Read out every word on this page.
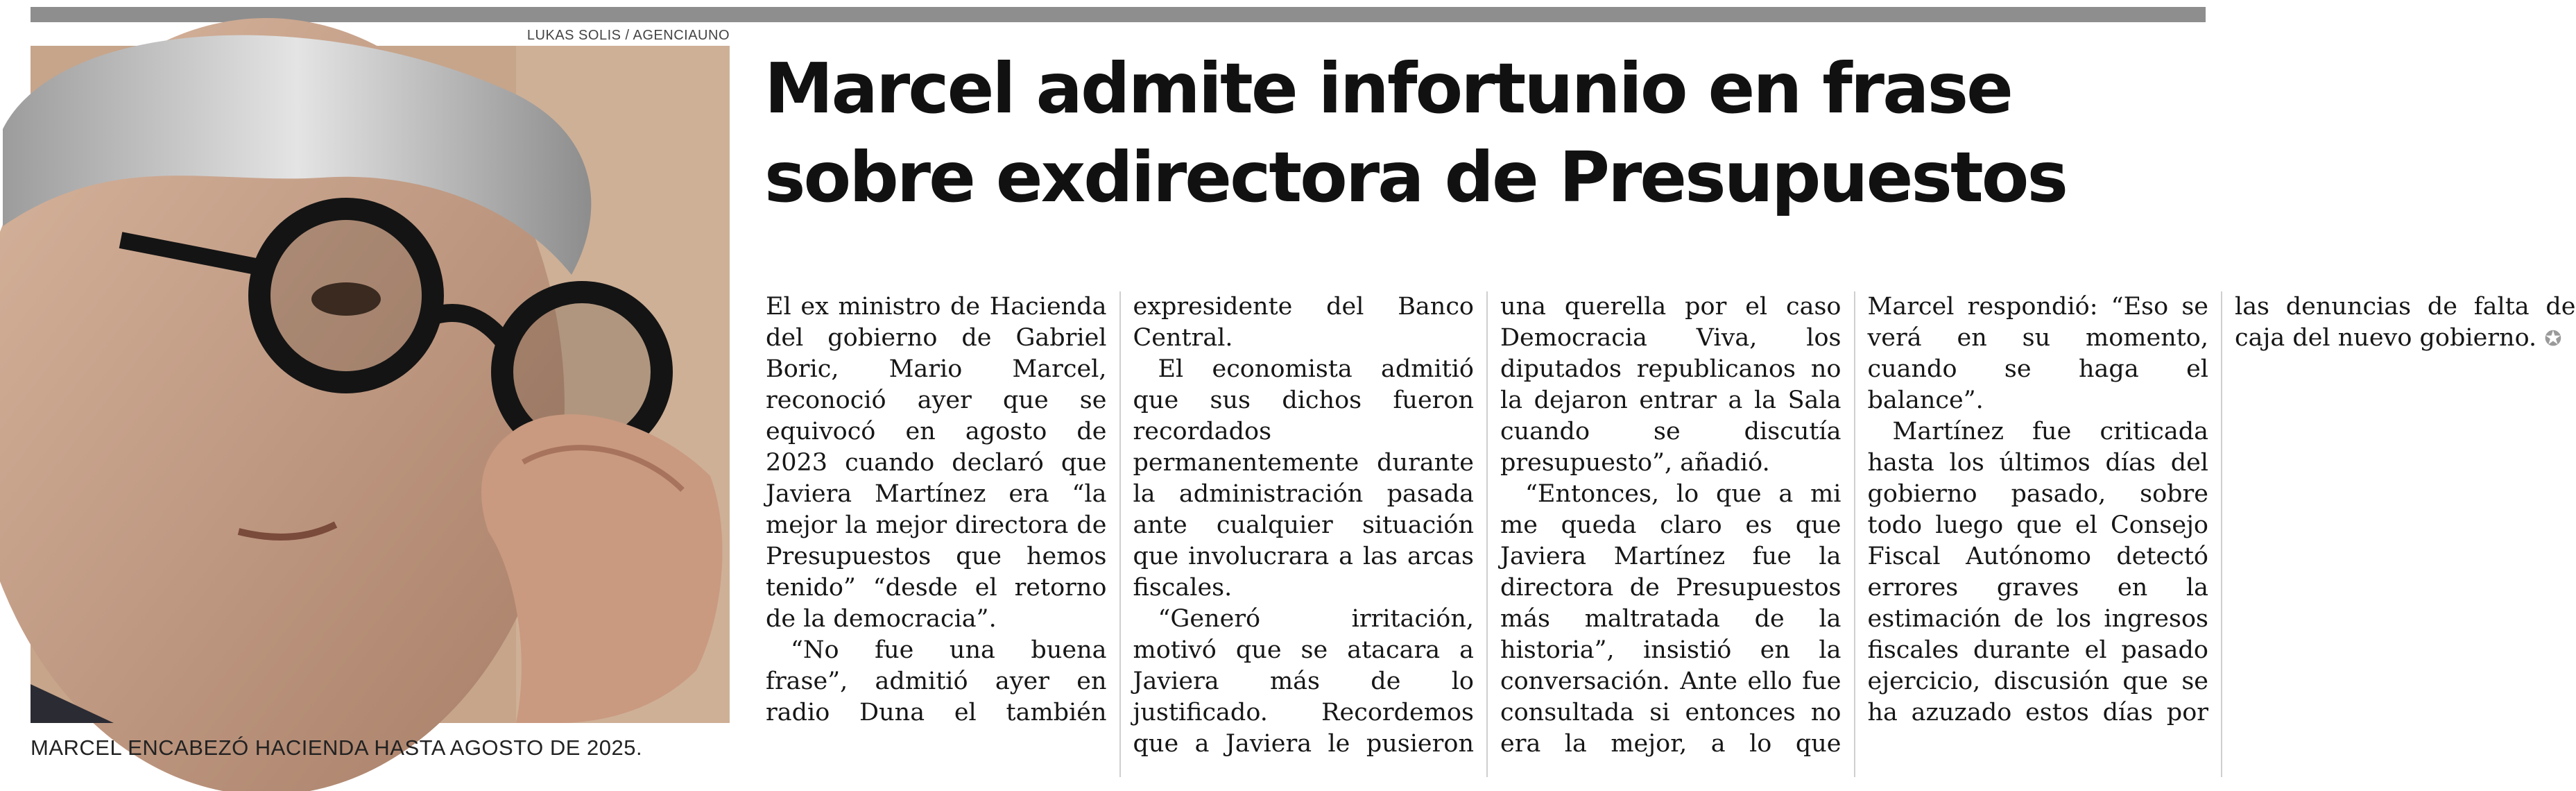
LUKAS SOLIS / AGENCIAUNO
MARCEL ENCABEZÓ HACIENDA HASTA AGOSTO DE 2025.
Marcel admite infortunio en frase sobre exdirectora de Presupuestos

El ex ministro de Hacienda del gobierno de Gabriel Boric, Mario Marcel, reconoció ayer que se equivocó en agosto de 2023 cuando declaró que Javiera Martínez era “la mejor la mejor directora de Presupuestos que hemos tenido” “desde el retorno de la democracia”.

“No fue una buena frase”, admitió ayer en radio Duna el también expresidente del Banco Central.

El economista admitió que sus dichos fueron recordados permanentemente durante la administración pasada ante cualquier situación que involucrara a las arcas fiscales.

“Generó irritación, motivó que se atacara a Javiera más de lo justificado. Recordemos que a Javiera le pusieron una querella por el caso Democracia Viva, los diputados republicanos no la dejaron entrar a la Sala cuando se discutía presupuesto”, añadió.

“Entonces, lo que a mi me queda claro es que Javiera Martínez fue la directora de Presupuestos más maltratada de la historia”, insistió en la conversación. Ante ello fue consultada si entonces no era la mejor, a lo que Marcel respondió: “Eso se verá en su momento, cuando se haga el balance”.

Martínez fue criticada hasta los últimos días del gobierno pasado, sobre todo luego que el Consejo Fiscal Autónomo detectó errores graves en la estimación de los ingresos fiscales durante el pasado ejercicio, discusión que se ha azuzado estos días por las denuncias de falta de caja del nuevo gobierno. ✪
